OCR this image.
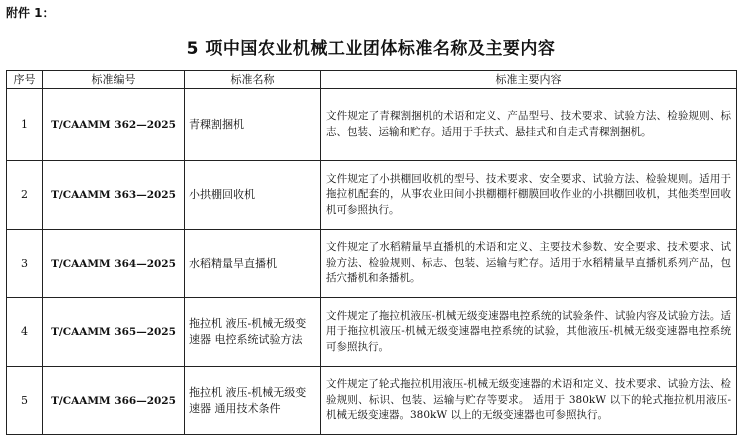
附件 1：
5 项中国农业机械工业团体标准名称及主要内容
序号	标准编号	标准名称	标准主要内容
1	T/CAAMM 362—2025	青稞割捆机	文件规定了青稞割捆机的术语和定义、产品型号、技术要求、试验方法、检验规则、标志、包装、运输和贮存。适用于手扶式、悬挂式和自走式青稞割捆机。
2	T/CAAMM 363—2025	小拱棚回收机	文件规定了小拱棚回收机的型号、技术要求、安全要求、试验方法、检验规则。适用于拖拉机配套的，从事农业田间小拱棚棚杆棚膜回收作业的小拱棚回收机，其他类型回收机可参照执行。
3	T/CAAMM 364—2025	水稻精量旱直播机	文件规定了水稻精量旱直播机的术语和定义、主要技术参数、安全要求、技术要求、试验方法、检验规则、标志、包装、运输与贮存。适用于水稻精量旱直播机系列产品，包括穴播机和条播机。
4	T/CAAMM 365—2025	拖拉机 液压-机械无级变速器 电控系统试验方法	文件规定了拖拉机液压-机械无级变速器电控系统的试验条件、试验内容及试验方法。适用于拖拉机液压-机械无级变速器电控系统的试验，其他液压-机械无级变速器电控系统可参照执行。
5	T/CAAMM 366—2025	拖拉机 液压-机械无级变速器 通用技术条件	文件规定了轮式拖拉机用液压-机械无级变速器的术语和定义、技术要求、试验方法、检验规则、标识、包装、运输与贮存等要求。 适用于 380kW 以下的轮式拖拉机用液压-机械无级变速器。380kW 以上的无级变速器也可参照执行。
